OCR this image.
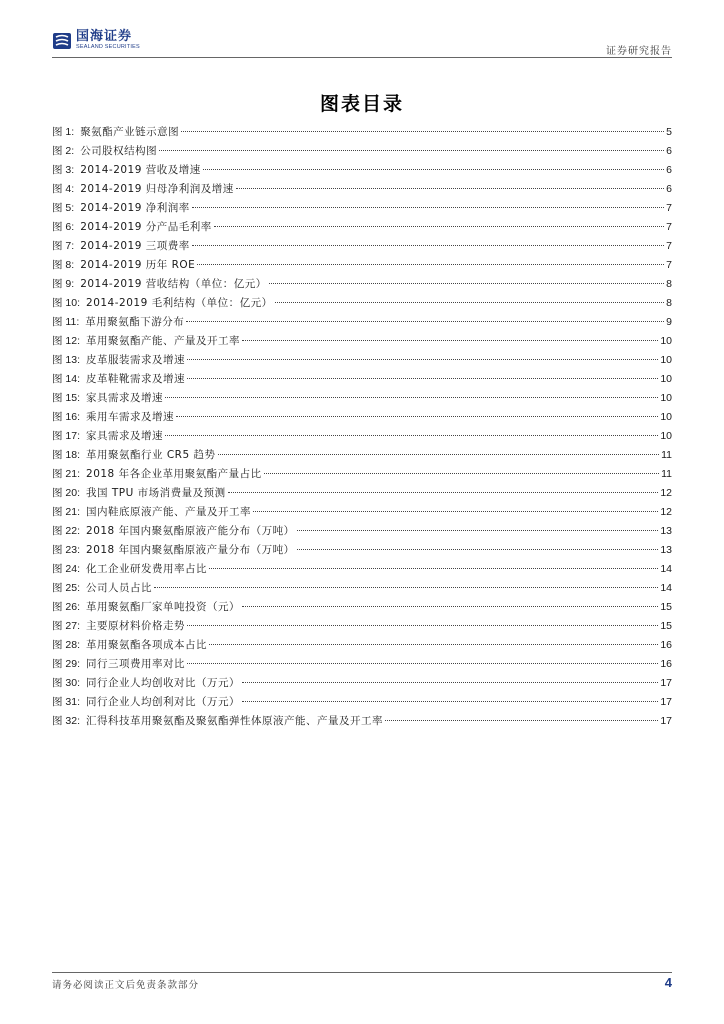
国海证券
SEALAND SECURITIES	证券研究报告
图表目录
图 1: 聚氨酯产业链示意图	5
图 2: 公司股权结构图	6
图 3: 2014-2019 营收及增速	6
图 4: 2014-2019 归母净利润及增速	6
图 5: 2014-2019 净利润率	7
图 6: 2014-2019 分产品毛利率	7
图 7: 2014-2019 三项费率	7
图 8: 2014-2019 历年 ROE	7
图 9: 2014-2019 营收结构（单位：亿元）	8
图 10: 2014-2019 毛利结构（单位：亿元）	8
图 11: 革用聚氨酯下游分布	9
图 12: 革用聚氨酯产能、产量及开工率	10
图 13: 皮革服装需求及增速	10
图 14: 皮革鞋靴需求及增速	10
图 15: 家具需求及增速	10
图 16: 乘用车需求及增速	10
图 17: 家具需求及增速	10
图 18: 革用聚氨酯行业 CR5 趋势	11
图 21: 2018 年各企业革用聚氨酯产量占比	11
图 20: 我国 TPU 市场消费量及预测	12
图 21: 国内鞋底原液产能、产量及开工率	12
图 22: 2018 年国内聚氨酯原液产能分布（万吨）	13
图 23: 2018 年国内聚氨酯原液产量分布（万吨）	13
图 24: 化工企业研发费用率占比	14
图 25: 公司人员占比	14
图 26: 革用聚氨酯厂家单吨投资（元）	15
图 27: 主要原材料价格走势	15
图 28: 革用聚氨酯各项成本占比	16
图 29: 同行三项费用率对比	16
图 30: 同行企业人均创收对比（万元）	17
图 31: 同行企业人均创利对比（万元）	17
图 32: 汇得科技革用聚氨酯及聚氨酯弹性体原液产能、产量及开工率	17
请务必阅读正文后免责条款部分	4
